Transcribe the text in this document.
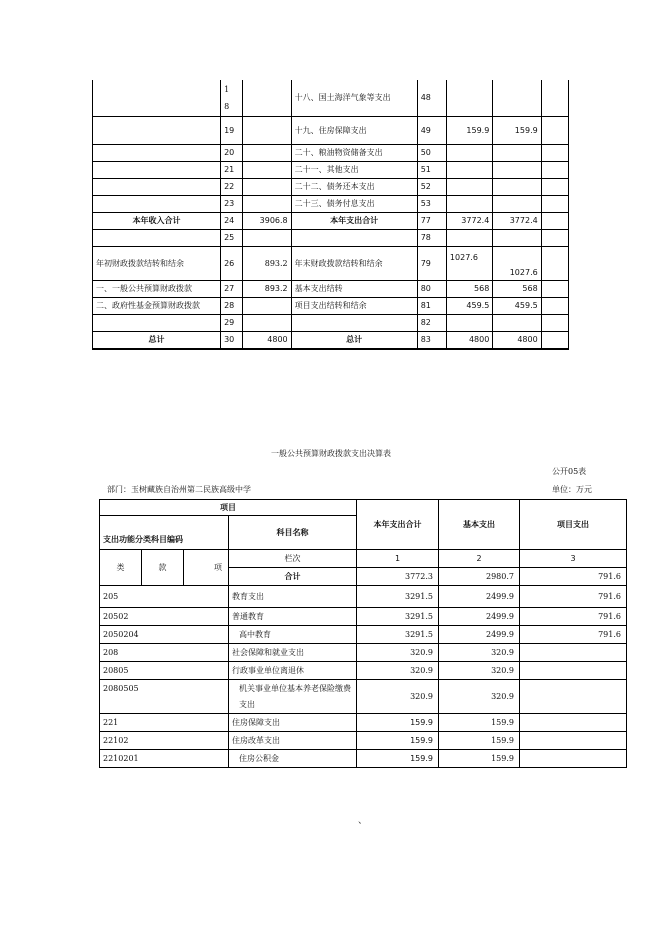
	1
8		十八、国土海洋气象等支出	48			
	19		十九、住房保障支出	49	159.9	159.9	
	20		二十、粮油物资储备支出	50			
	21		二十一、其他支出	51			
	22		二十二、债务还本支出	52			
	23		二十三、债务付息支出	53			
本年收入合计	24	3906.8	本年支出合计	77	3772.4	3772.4	
	25			78			
年初财政拨款结转和结余	26	893.2	年末财政拨款结转和结余	79	1027.6	1027.6	
一、一般公共预算财政拨款	27	893.2	基本支出结转	80	568	568	
二、政府性基金预算财政拨款	28		项目支出结转和结余	81	459.5	459.5	
	29			82			
总计	30	4800	总计	83	4800	4800	
一般公共预算财政拨款支出决算表
公开05表
部门：玉树藏族自治州第二民族高级中学	单位：万元
项目				本年支出合计	基本支出	项目支出
支出功能分类科目编码			科目名称			
类	款	项	栏次	1	2	3
			合计	3772.3	2980.7	791.6
205			教育支出	3291.5	2499.9	791.6
20502			普通教育	3291.5	2499.9	791.6
2050204			高中教育	3291.5	2499.9	791.6
208			社会保障和就业支出	320.9	320.9	
20805			行政事业单位离退休	320.9	320.9	
2080505			机关事业单位基本养老保险缴费支出	320.9	320.9	
221			住房保障支出	159.9	159.9	
22102			住房改革支出	159.9	159.9	
2210201			住房公积金	159.9	159.9	
、
